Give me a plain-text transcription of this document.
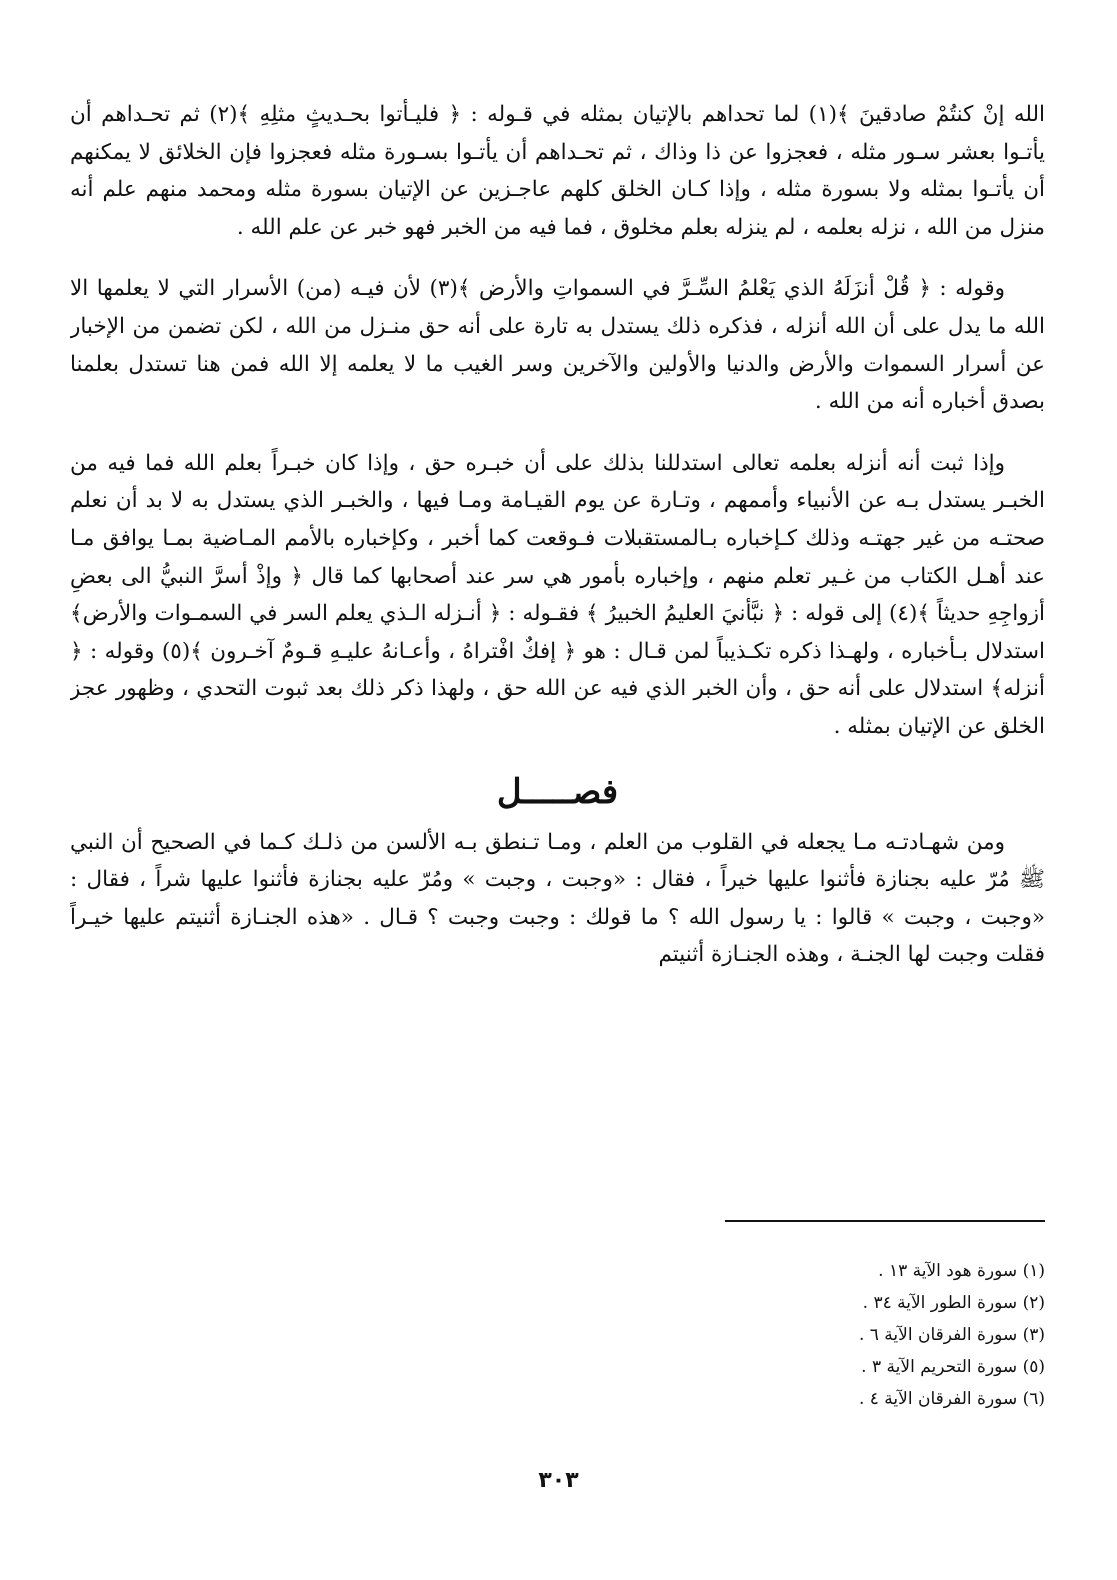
الله إنْ كنتُمْ صادقينَ ﴾(١) لما تحداهم بالإتيان بمثله في قـوله : ﴿ فليـأتوا بحـديثٍ مثلِهِ ﴾(٢) ثم تحـداهم أن يأتـوا بعشر سـور مثله ، فعجزوا عن ذا وذاك ، ثم تحـداهم أن يأتـوا بسـورة مثله فعجزوا فإن الخلائق لا يمكنهم أن يأتـوا بمثله ولا بسورة مثله ، وإذا كـان الخلق كلهم عاجـزين عن الإتيان بسورة مثله ومحمد منهم علم أنه منزل من الله ، نزله بعلمه ، لم ينزله بعلم مخلوق ، فما فيه من الخبر فهو خبر عن علم الله .

وقوله : ﴿ قُلْ أنزَلَهُ الذي يَعْلمُ السِّـرَّ في السمواتِ والأرض ﴾(٣) لأن فيـه (من) الأسرار التي لا يعلمها الا الله ما يدل على أن الله أنزله ، فذكره ذلك يستدل به تارة على أنه حق منـزل من الله ، لكن تضمن من الإخبار عن أسرار السموات والأرض والدنيا والأولين والآخرين وسر الغيب ما لا يعلمه إلا الله فمن هنا تستدل بعلمنا بصدق أخباره أنه من الله .

وإذا ثبت أنه أنزله بعلمه تعالى استدللنا بذلك على أن خبـره حق ، وإذا كان خبـراً بعلم الله فما فيه من الخبـر يستدل بـه عن الأنبياء وأممهم ، وتـارة عن يوم القيـامة ومـا فيها ، والخبـر الذي يستدل به لا بد أن نعلم صحتـه من غير جهتـه وذلك كـإخباره بـالمستقبلات فـوقعت كما أخبر ، وكإخباره بالأمم المـاضية بمـا يوافق مـا عند أهـل الكتاب من غـير تعلم منهم ، وإخباره بأمور هي سر عند أصحابها كما قال ﴿ وإذْ أسرَّ النبيُّ الى بعضِ أزواجِهِ حديثاً ﴾(٤) إلى قوله : ﴿ نبَّأنيَ العليمُ الخبيرُ ﴾ فقـوله : ﴿ أنـزله الـذي يعلم السر في السمـوات والأرض﴾ استدلال بـأخباره ، ولهـذا ذكره تكـذيباً لمن قـال : هو ﴿ إفكٌ افْتراهُ ، وأعـانهُ عليـهِ قـومٌ آخـرون ﴾(٥) وقوله : ﴿ أنزله﴾ استدلال على أنه حق ، وأن الخبر الذي فيه عن الله حق ، ولهذا ذكر ذلك بعد ثبوت التحدي ، وظهور عجز الخلق عن الإتيان بمثله .

فصـــــل

ومن شهـادتـه مـا يجعله في القلوب من العلم ، ومـا تـنطق بـه الألسن من ذلـك كـما في الصحيح أن النبي ﷺ مُرّ عليه بجنازة فأثنوا عليها خيراً ، فقال : «وجبت ، وجبت » ومُرّ عليه بجنازة فأثنوا عليها شراً ، فقال : «وجبت ، وجبت » قالوا : يا رسول الله ؟ ما قولك : وجبت وجبت ؟ قـال . «هذه الجنـازة أثنيتم عليها خيـراً فقلت وجبت لها الجنـة ، وهذه الجنـازة أثنيتم

(١) سورة هود الآية ١٣ .
(٢) سورة الطور الآية ٣٤ .
(٣) سورة الفرقان الآية ٦ .
(٥) سورة التحريم الآية ٣ .
(٦) سورة الفرقان الآية ٤ .
٣٠٣
